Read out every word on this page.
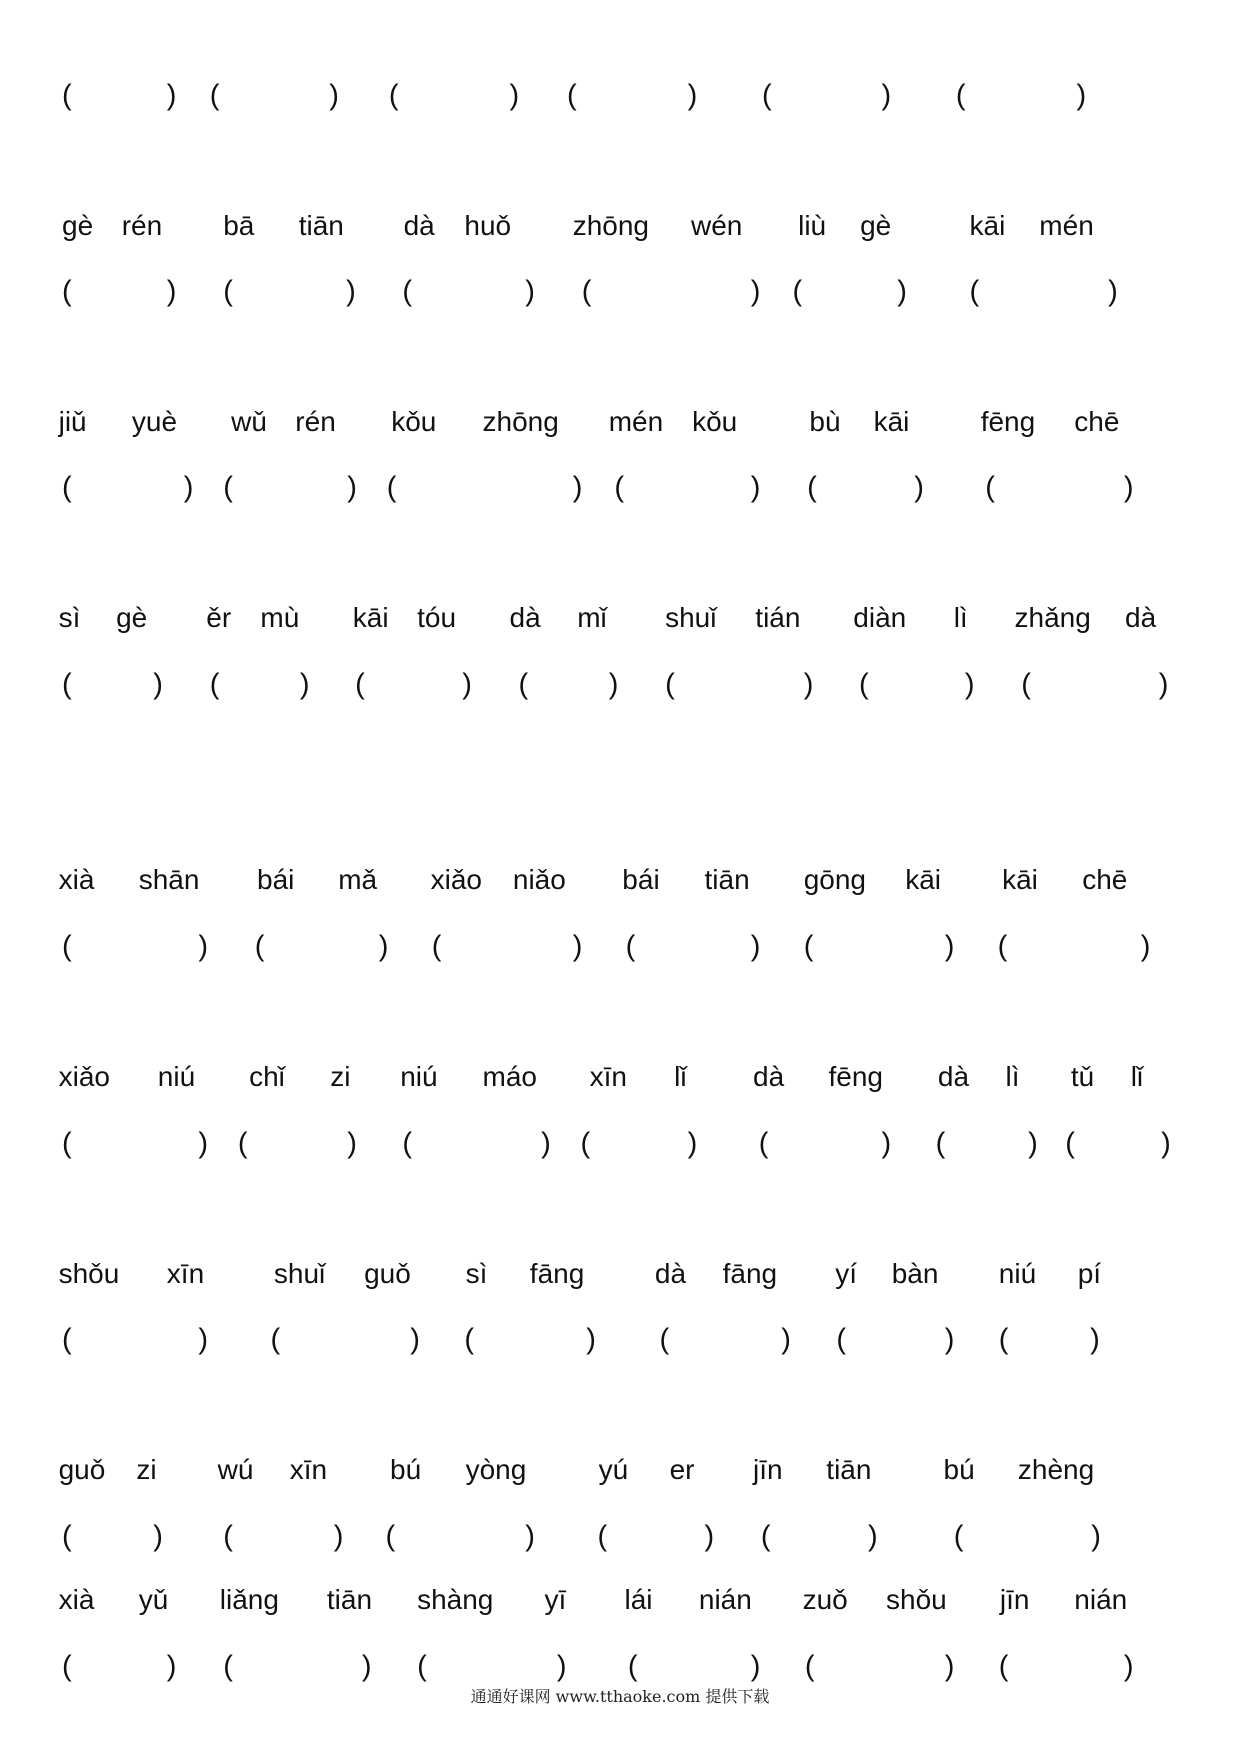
(	) (	) (	) (	) (	) (	)
gè rén bā tiān dà huǒ zhōng wén liù gè	kāi mén
(	) (	) (	) (	) (	) (	)
jiǔ yuè wǔ rén kǒu zhōng mén kǒu	bù kāi	fēng chē
(	) (	) (	) (	) (	) (	)
sì gè ěr mù kāi tóu dà mǐ shuǐ tián diàn lì zhǎng dà
(	) (	) (	) (	) (	) (	) (	)
xià shān bái mǎ xiǎo niǎo bái tiān gōng kāi kāi chē
(	) (	) (	) (	) (	) (	)
xiǎo niú chǐ zi niú máo xīn lǐ dà fēng dà lì tǔ lǐ
(	) (	) (	) (	) (	) (	) (	)
shǒu xīn shuǐ guǒ sì fāng	dà fāng yí bàn niú pí
(	) (	) (	) (	) (	) (	)
guǒ zi wú xīn bú yòng	yú er jīn tiān	bú zhèng
(	) (	) (	) (	) (	)	(	)
xià yǔ liǎng tiān shàng yī lái nián zuǒ shǒu jīn nián
(	) (	) (	) (	) (	) (	)
通通好课网 www.tthaoke.com 提供下载
